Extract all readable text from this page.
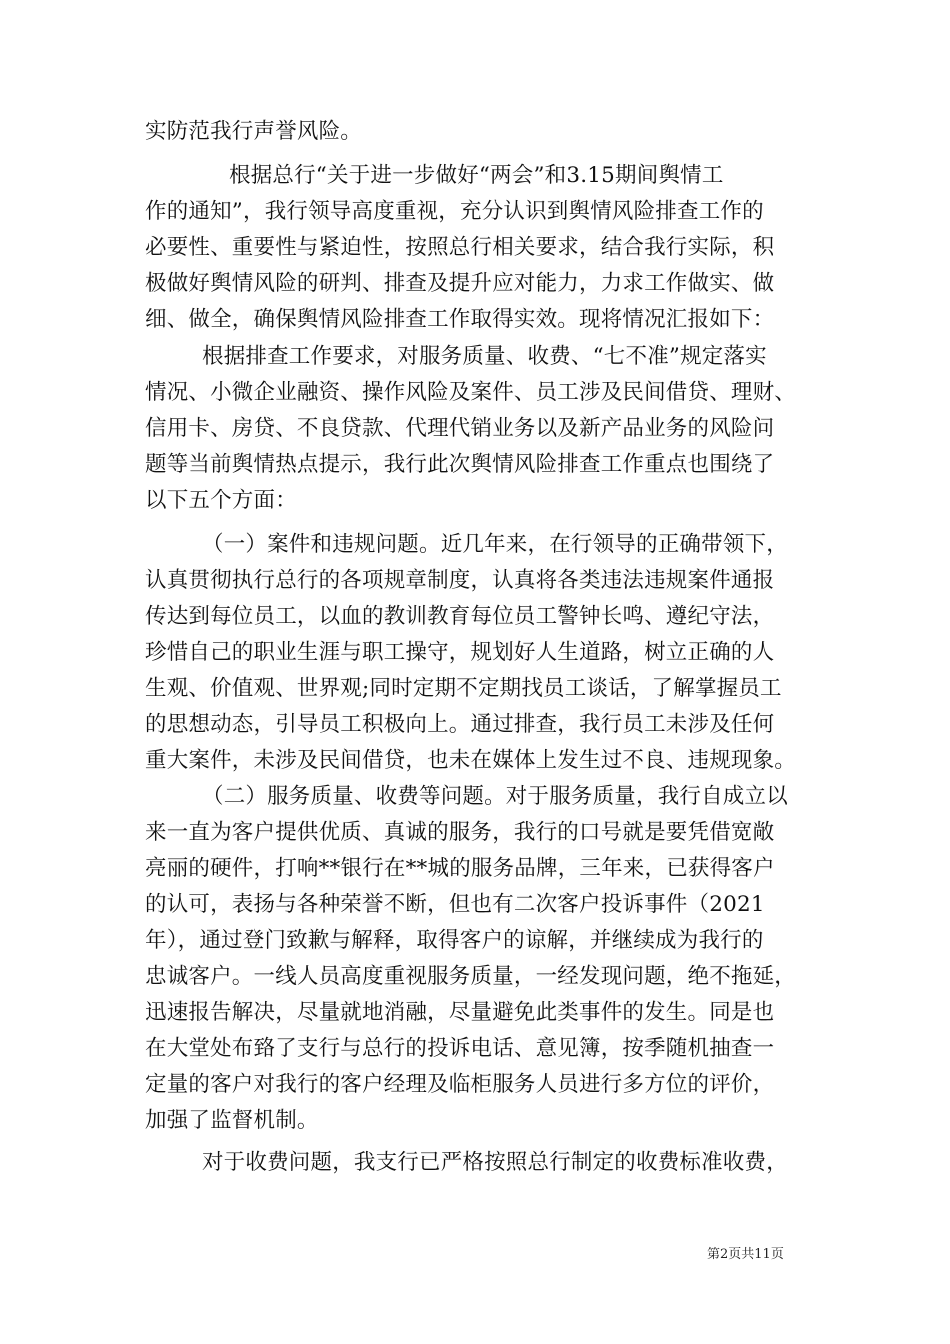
实防范我行声誉风险。
根据总行“关于进一步做好“两会”和3.15期间舆情工
作的通知”，我行领导高度重视，充分认识到舆情风险排查工作的
必要性、重要性与紧迫性，按照总行相关要求，结合我行实际，积
极做好舆情风险的研判、排查及提升应对能力，力求工作做实、做
细、做全，确保舆情风险排查工作取得实效。现将情况汇报如下：
根据排查工作要求，对服务质量、收费、“七不准”规定落实
情况、小微企业融资、操作风险及案件、员工涉及民间借贷、理财、
信用卡、房贷、不良贷款、代理代销业务以及新产品业务的风险问
题等当前舆情热点提示，我行此次舆情风险排查工作重点也围绕了
以下五个方面：
（一）案件和违规问题。近几年来，在行领导的正确带领下，
认真贯彻执行总行的各项规章制度，认真将各类违法违规案件通报
传达到每位员工，以血的教训教育每位员工警钟长鸣、遵纪守法，
珍惜自己的职业生涯与职工操守，规划好人生道路，树立正确的人
生观、价值观、世界观;同时定期不定期找员工谈话，了解掌握员工
的思想动态，引导员工积极向上。通过排查，我行员工未涉及任何
重大案件，未涉及民间借贷，也未在媒体上发生过不良、违规现象。
（二）服务质量、收费等问题。对于服务质量，我行自成立以
来一直为客户提供优质、真诚的服务，我行的口号就是要凭借宽敞
亮丽的硬件，打响**银行在**城的服务品牌，三年来，已获得客户
的认可，表扬与各种荣誉不断，但也有二次客户投诉事件（2021
年），通过登门致歉与解释，取得客户的谅解，并继续成为我行的
忠诚客户。一线人员高度重视服务质量，一经发现问题，绝不拖延，
迅速报告解决，尽量就地消融，尽量避免此类事件的发生。同是也
在大堂处布臵了支行与总行的投诉电话、意见簿，按季随机抽查一
定量的客户对我行的客户经理及临柜服务人员进行多方位的评价，
加强了监督机制。
对于收费问题，我支行已严格按照总行制定的收费标准收费，
第2页共11页
